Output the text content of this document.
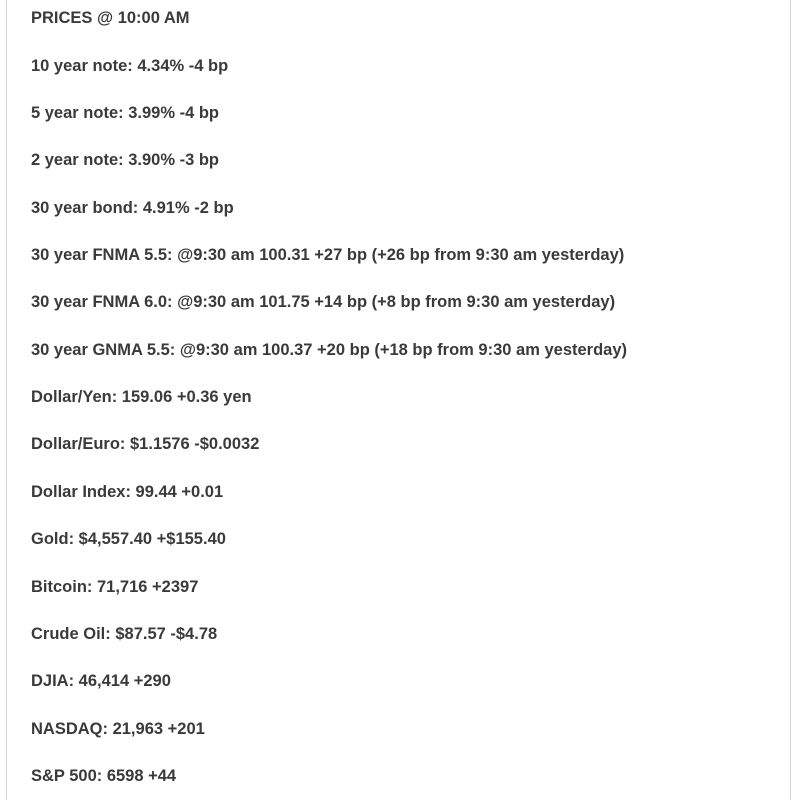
PRICES @ 10:00 AM
10 year note: 4.34% -4 bp
5 year note: 3.99% -4 bp
2 year note: 3.90% -3 bp
30 year bond: 4.91% -2 bp
30 year FNMA 5.5: @9:30 am 100.31 +27 bp (+26 bp from 9:30 am yesterday)
30 year FNMA 6.0: @9:30 am 101.75 +14 bp (+8 bp from 9:30 am yesterday)
30 year GNMA 5.5: @9:30 am 100.37 +20 bp (+18 bp from 9:30 am yesterday)
Dollar/Yen: 159.06 +0.36 yen
Dollar/Euro: $1.1576 -$0.0032
Dollar Index: 99.44 +0.01
Gold: $4,557.40 +$155.40
Bitcoin: 71,716 +2397
Crude Oil: $87.57 -$4.78
DJIA: 46,414 +290
NASDAQ: 21,963 +201
S&P 500: 6598 +44
